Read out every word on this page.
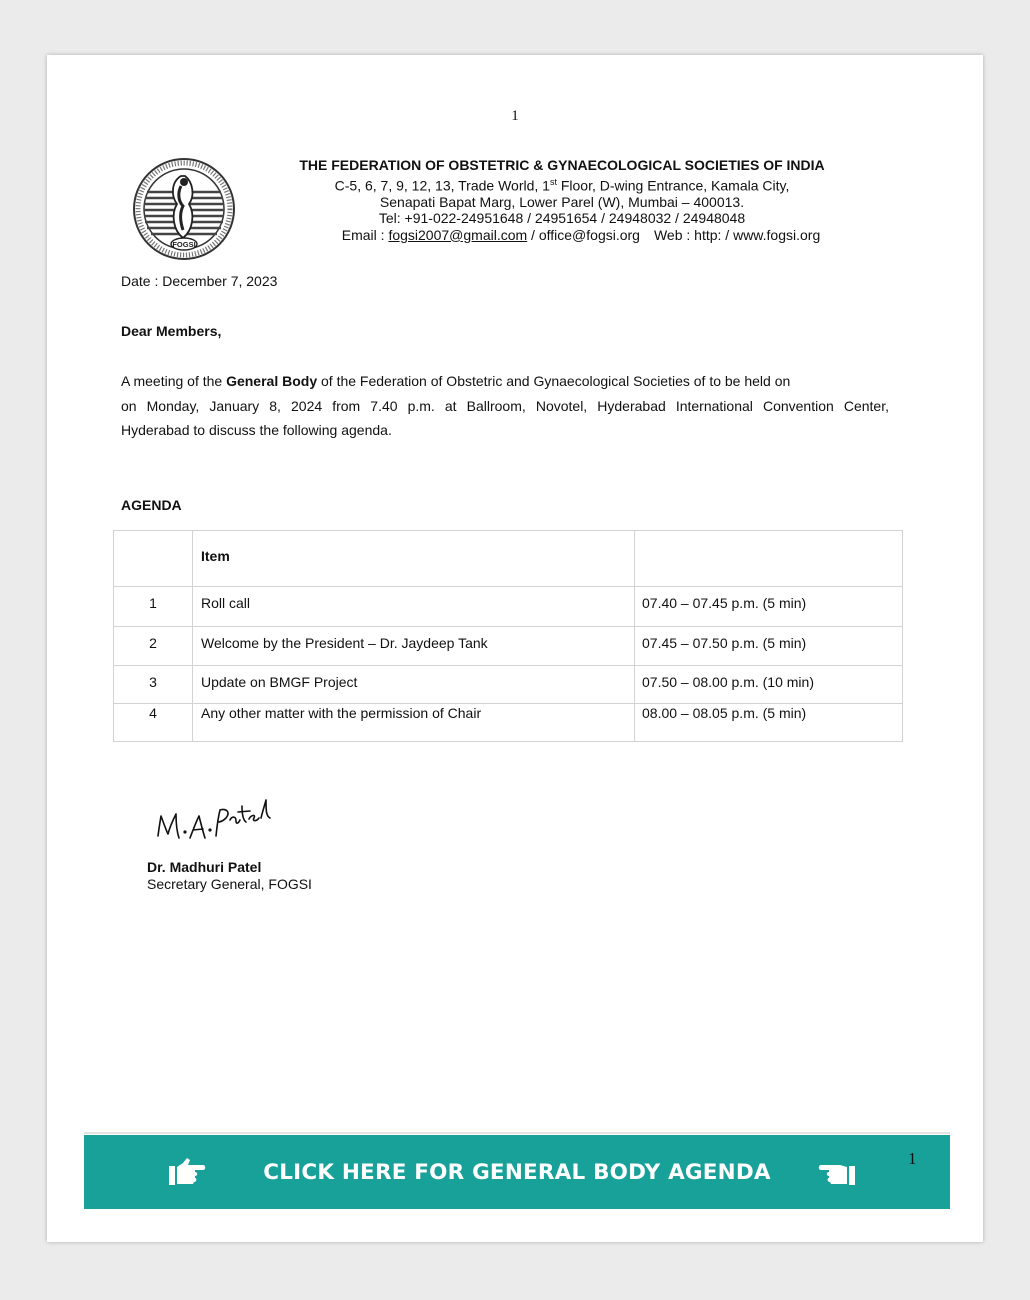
1
FOGSI
THE FEDERATION OF OBSTETRIC & GYNAECOLOGICAL SOCIETIES OF INDIA
C-5, 6, 7, 9, 12, 13, Trade World, 1st Floor, D-wing Entrance, Kamala City,
Senapati Bapat Marg, Lower Parel (W), Mumbai – 400013.
Tel: +91-022-24951648 / 24951654 / 24948032 / 24948048
Email : fogsi2007@gmail.com / office@fogsi.org Web : http: / www.fogsi.org
Date : December 7, 2023
Dear Members,
A meeting of the General Body of the Federation of Obstetric and Gynaecological Societies of to be held on
on Monday, January 8, 2024 from 7.40 p.m. at Ballroom, Novotel, Hyderabad International Convention Center,
Hyderabad to discuss the following agenda.
AGENDA
	Item	
1	Roll call	07.40 – 07.45 p.m. (5 min)
2	Welcome by the President – Dr. Jaydeep Tank	07.45 – 07.50 p.m. (5 min)
3	Update on BMGF Project	07.50 – 08.00 p.m. (10 min)
4	Any other matter with the permission of Chair	08.00 – 08.05 p.m. (5 min)
Dr. Madhuri Patel
Secretary General, FOGSI
CLICK HERE FOR GENERAL BODY AGENDA
1
